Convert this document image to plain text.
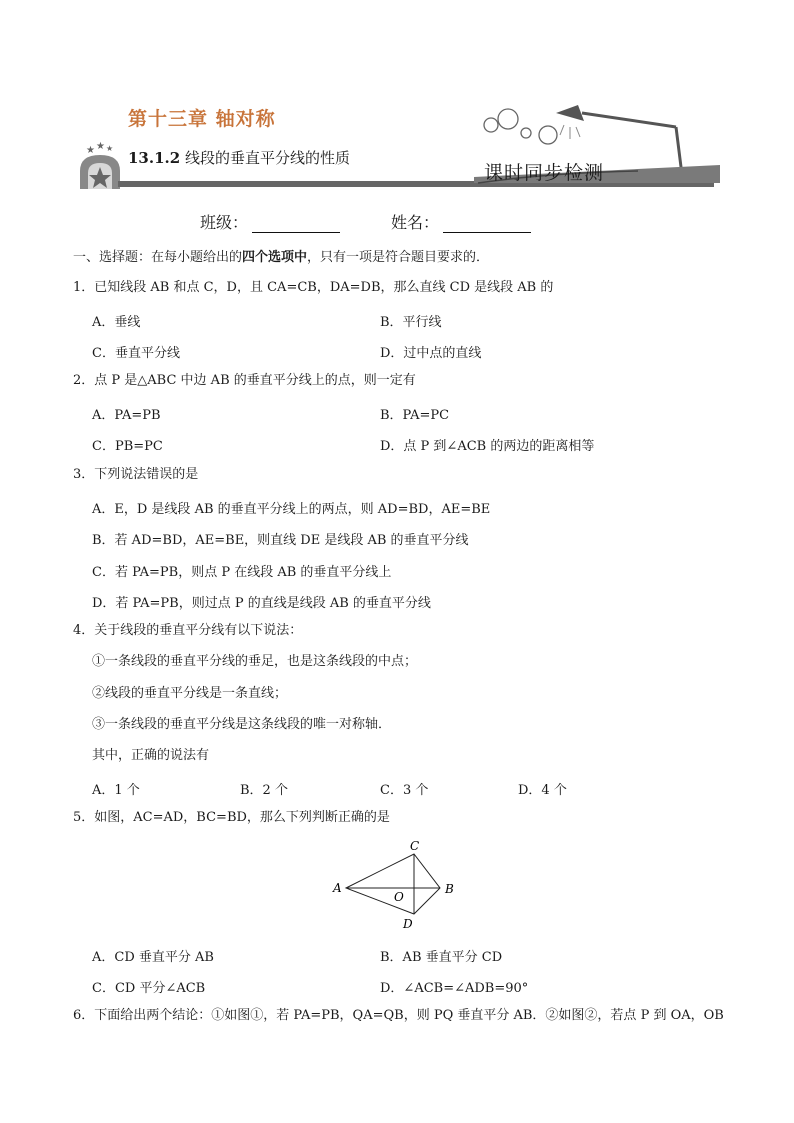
第十三章 轴对称
★ ★ ★
13.1.2 线段的垂直平分线的性质
课时同步检测
班级：	姓名：
一、选择题：在每小题给出的四个选项中，只有一项是符合题目要求的．
1．已知线段 AB 和点 C，D，且 CA=CB，DA=DB，那么直线 CD 是线段 AB 的
A．垂线	B．平行线
C．垂直平分线	D．过中点的直线
2．点 P 是△ABC 中边 AB 的垂直平分线上的点，则一定有
A．PA=PB	B．PA=PC
C．PB=PC	D．点 P 到∠ACB 的两边的距离相等
3．下列说法错误的是
A．E，D 是线段 AB 的垂直平分线上的两点，则 AD=BD，AE=BE
B．若 AD=BD，AE=BE，则直线 DE 是线段 AB 的垂直平分线
C．若 PA=PB，则点 P 在线段 AB 的垂直平分线上
D．若 PA=PB，则过点 P 的直线是线段 AB 的垂直平分线
4．关于线段的垂直平分线有以下说法：
①一条线段的垂直平分线的垂足，也是这条线段的中点；
②线段的垂直平分线是一条直线；
③一条线段的垂直平分线是这条线段的唯一对称轴．
其中，正确的说法有
A．1 个	B．2 个	C．3 个	D．4 个
5．如图，AC=AD，BC=BD，那么下列判断正确的是
C
A
O
B
D
A．CD 垂直平分 AB	B．AB 垂直平分 CD
C．CD 平分∠ACB	D．∠ACB=∠ADB=90°
6．下面给出两个结论：①如图①，若 PA=PB，QA=QB，则 PQ 垂直平分 AB．②如图②，若点 P 到 OA，OB
